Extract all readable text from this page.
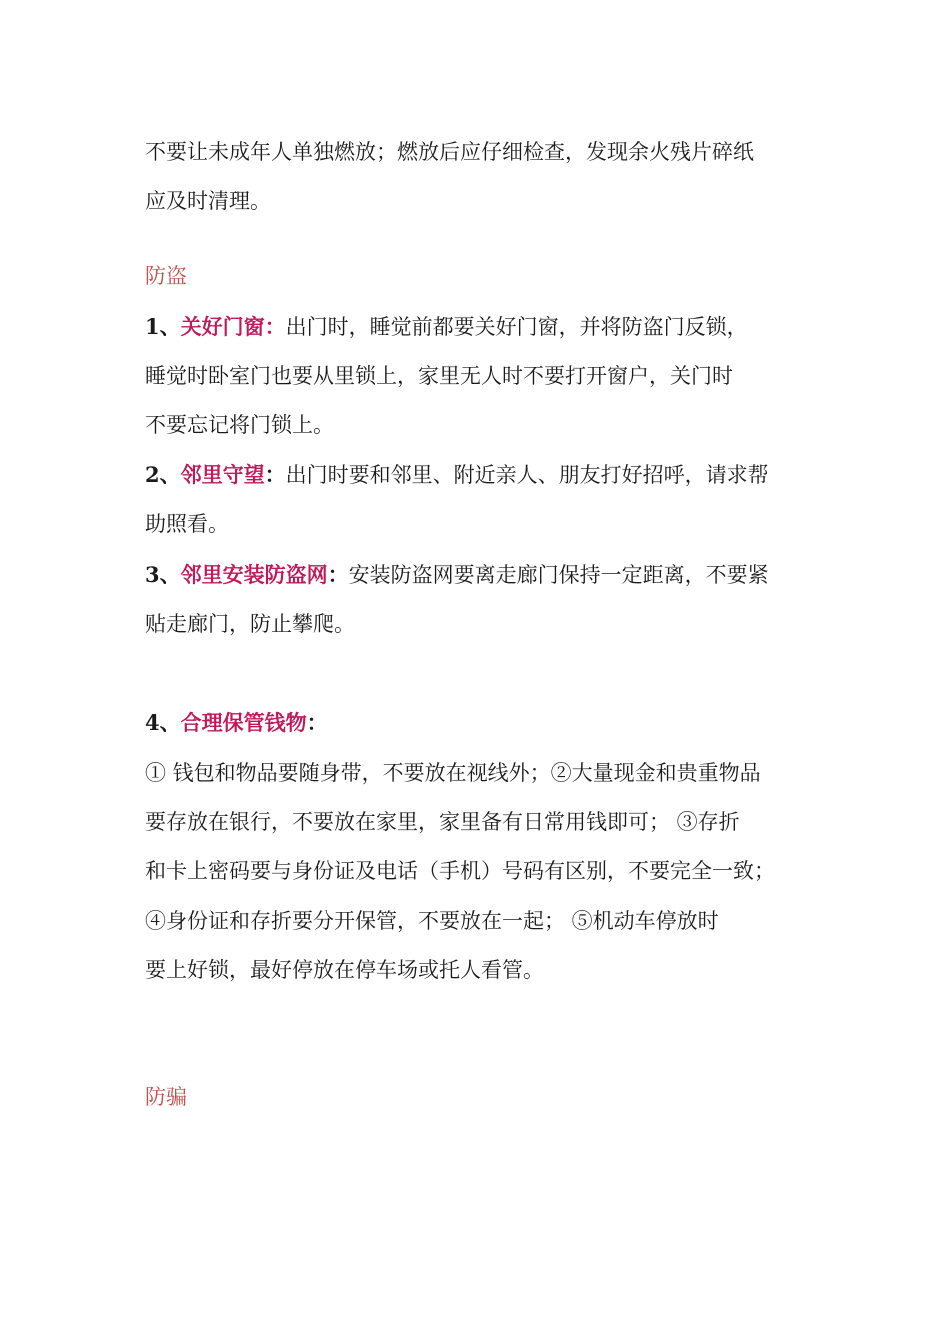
不要让未成年人单独燃放；燃放后应仔细检查，发现余火残片碎纸
应及时清理。
防盗
1、关好门窗：出门时，睡觉前都要关好门窗，并将防盗门反锁，
睡觉时卧室门也要从里锁上，家里无人时不要打开窗户，关门时
不要忘记将门锁上。
2、邻里守望：出门时要和邻里、附近亲人、朋友打好招呼，请求帮
助照看。
3、邻里安装防盗网：安装防盗网要离走廊门保持一定距离，不要紧
贴走廊门，防止攀爬。
4、合理保管钱物：
① 钱包和物品要随身带，不要放在视线外；②大量现金和贵重物品
要存放在银行，不要放在家里，家里备有日常用钱即可； ③存折
和卡上密码要与身份证及电话（手机）号码有区别，不要完全一致；
④身份证和存折要分开保管，不要放在一起； ⑤机动车停放时
要上好锁，最好停放在停车场或托人看管。
防骗
